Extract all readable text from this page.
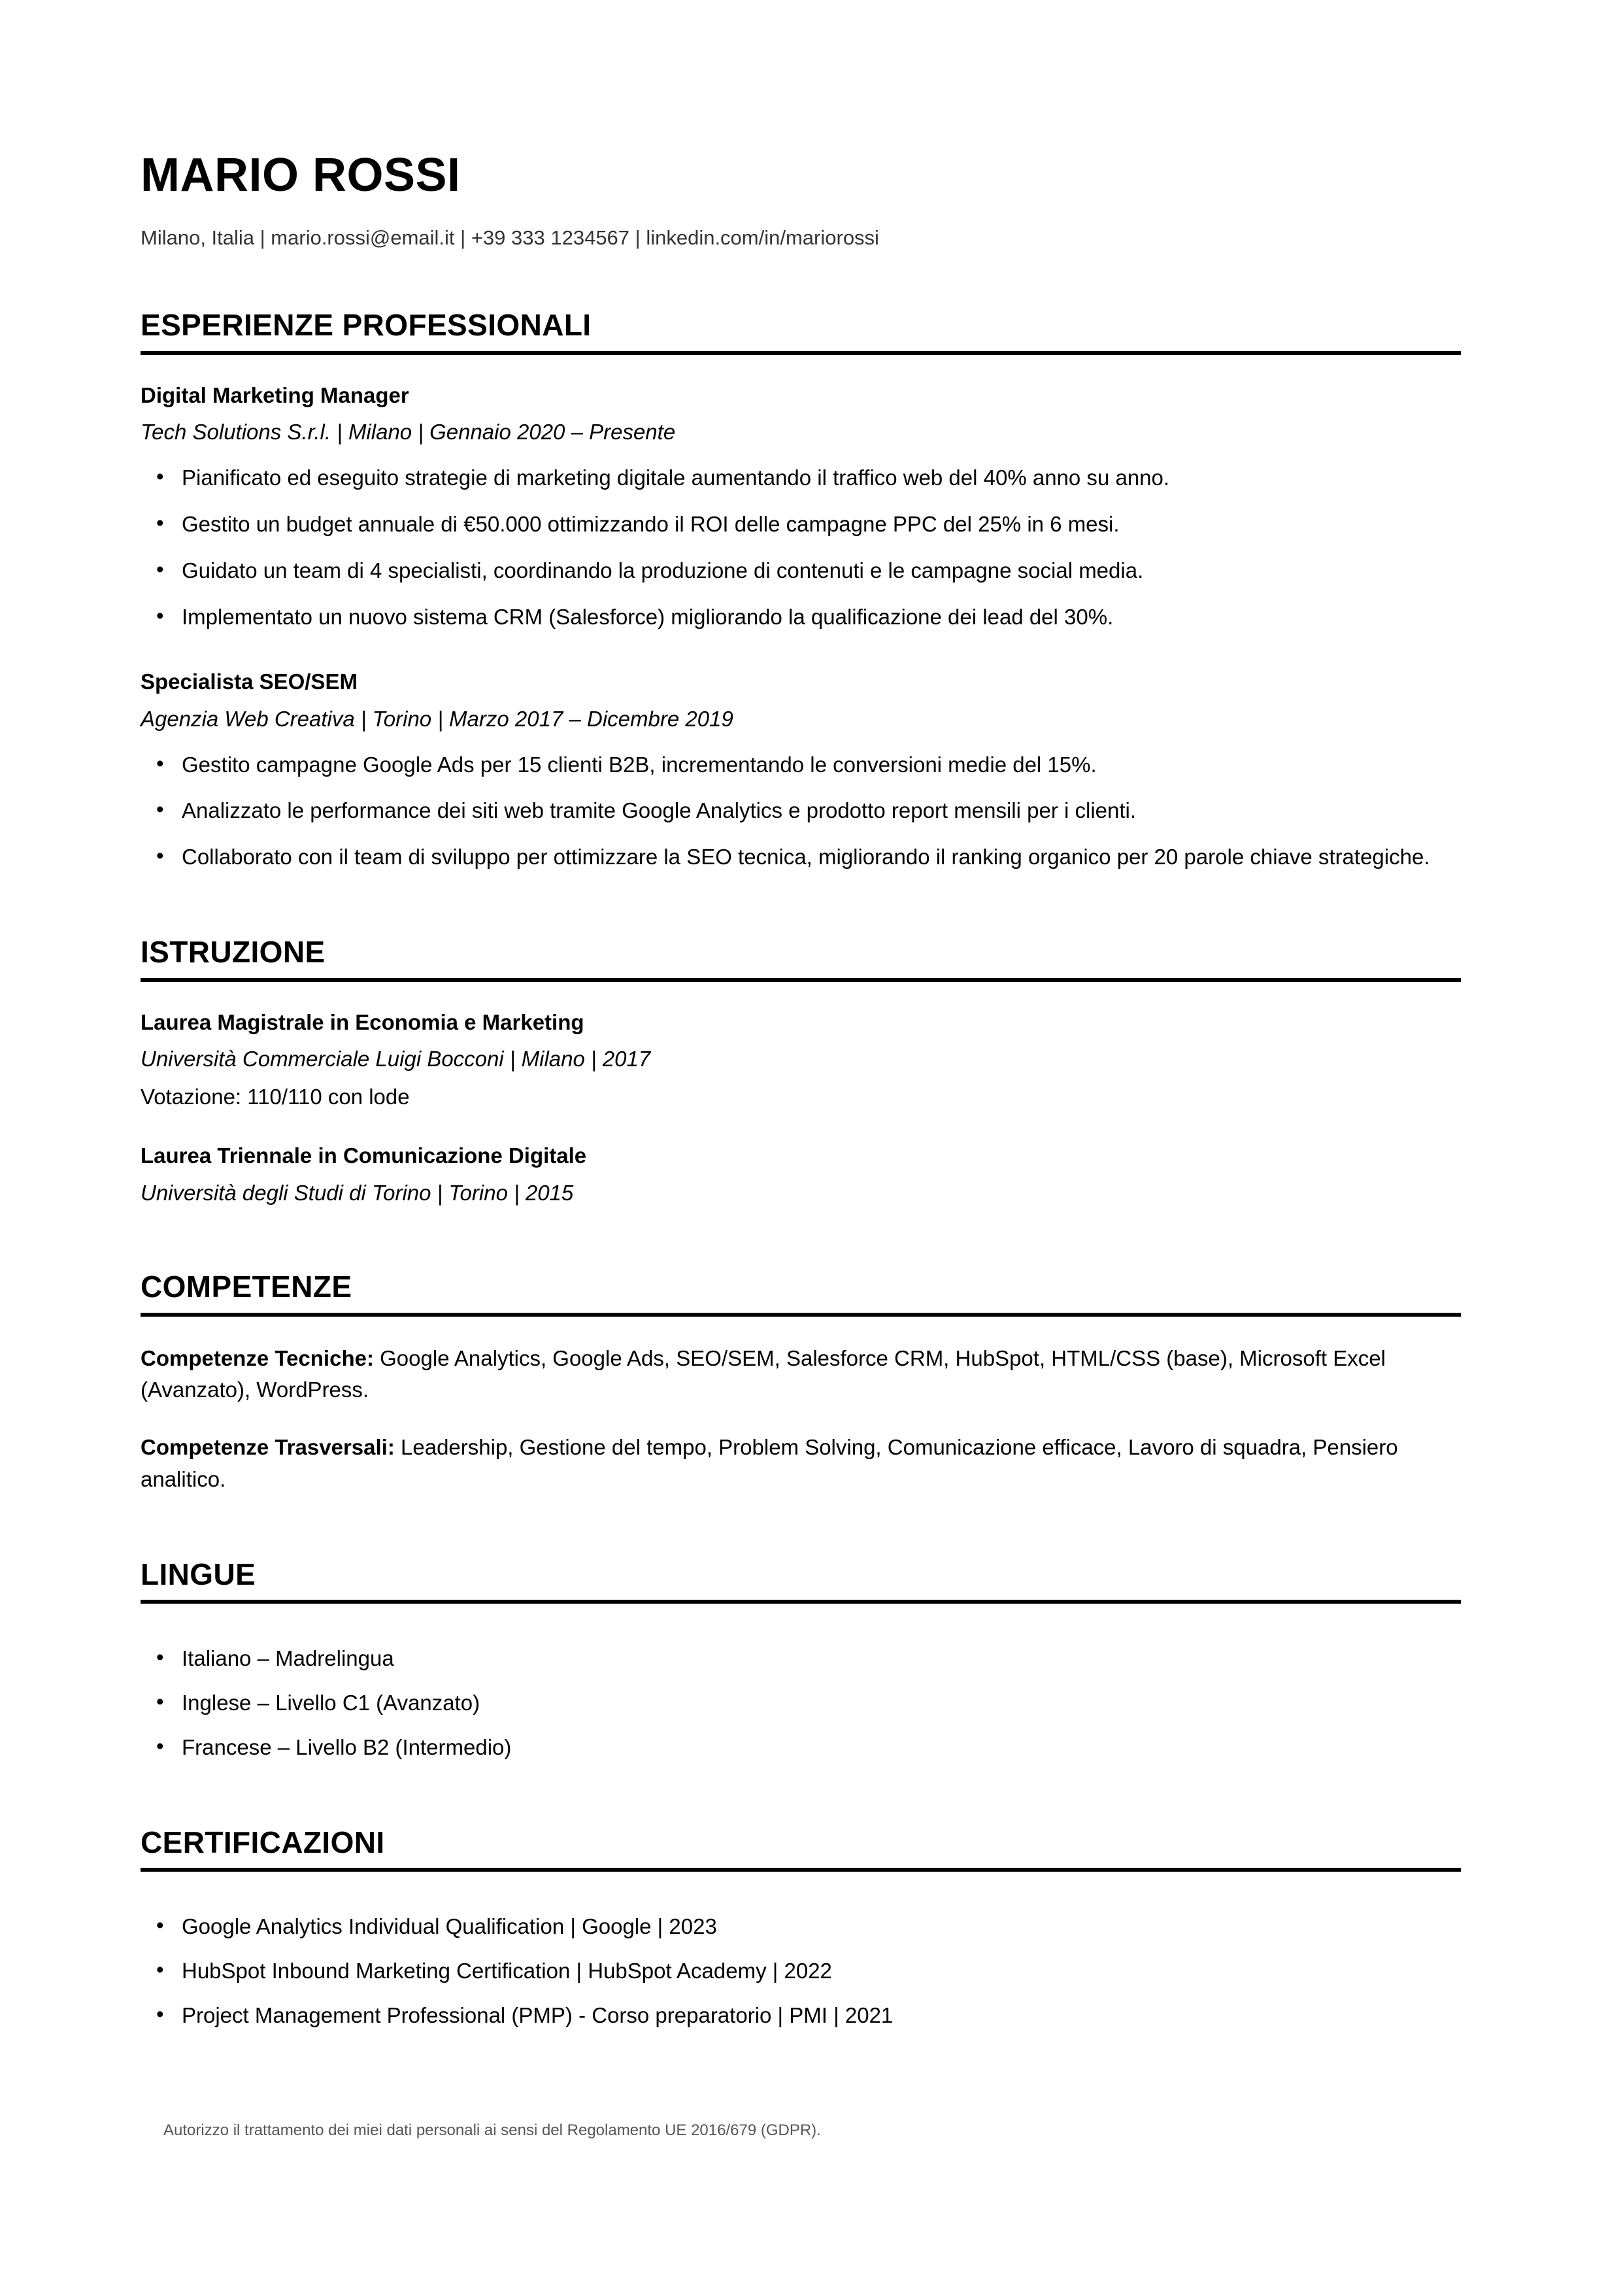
MARIO ROSSI

Milano, Italia | mario.rossi@email.it | +39 333 1234567 | linkedin.com/in/mariorossi

ESPERIENZE PROFESSIONALI
Digital Marketing Manager
Tech Solutions S.r.l. | Milano | Gennaio 2020 – Presente
• Pianificato ed eseguito strategie di marketing digitale aumentando il traffico web del 40% anno su anno.
• Gestito un budget annuale di €50.000 ottimizzando il ROI delle campagne PPC del 25% in 6 mesi.
• Guidato un team di 4 specialisti, coordinando la produzione di contenuti e le campagne social media.
• Implementato un nuovo sistema CRM (Salesforce) migliorando la qualificazione dei lead del 30%.
Specialista SEO/SEM
Agenzia Web Creativa | Torino | Marzo 2017 – Dicembre 2019
• Gestito campagne Google Ads per 15 clienti B2B, incrementando le conversioni medie del 15%.
• Analizzato le performance dei siti web tramite Google Analytics e prodotto report mensili per i clienti.
• Collaborato con il team di sviluppo per ottimizzare la SEO tecnica, migliorando il ranking organico per 20 parole chiave strategiche.
ISTRUZIONE
Laurea Magistrale in Economia e Marketing
Università Commerciale Luigi Bocconi | Milano | 2017
Votazione: 110/110 con lode
Laurea Triennale in Comunicazione Digitale
Università degli Studi di Torino | Torino | 2015
COMPETENZE

Competenze Tecniche: Google Analytics, Google Ads, SEO/SEM, Salesforce CRM, HubSpot, HTML/CSS (base), Microsoft Excel (Avanzato), WordPress.

Competenze Trasversali: Leadership, Gestione del tempo, Problem Solving, Comunicazione efficace, Lavoro di squadra, Pensiero analitico.

LINGUE
• Italiano – Madrelingua
• Inglese – Livello C1 (Avanzato)
• Francese – Livello B2 (Intermedio)
CERTIFICAZIONI
• Google Analytics Individual Qualification | Google | 2023
• HubSpot Inbound Marketing Certification | HubSpot Academy | 2022
• Project Management Professional (PMP) - Corso preparatorio | PMI | 2021

Autorizzo il trattamento dei miei dati personali ai sensi del Regolamento UE 2016/679 (GDPR).
